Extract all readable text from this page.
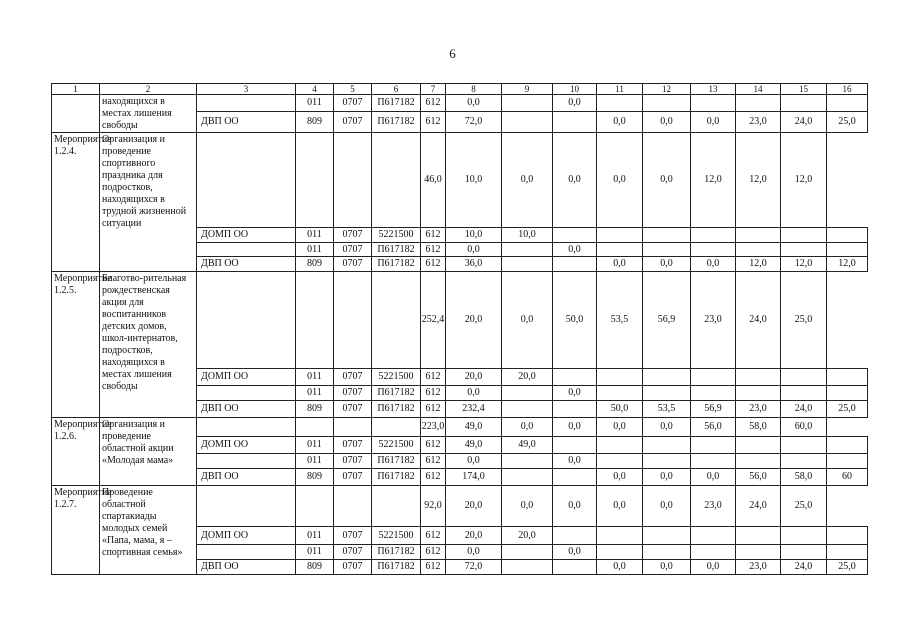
6
1	2	3	4	5	6	7	8	9	10	11	12	13	14	15	16
	находящихся в местах лишения свободы		011	0707	П617182	612	0,0		0,0						
		ДВП ОО	809	0707	П617182	612	72,0			0,0	0,0	0,0	23,0	24,0	25,0
Мероприятие 1.2.4.	Организация и проведение спортивного праздника для подростков, находящихся в трудной жизненной ситуации					46,0	10,0	0,0	0,0	0,0	0,0	12,0	12,0	12,0	
		ДОМП ОО	011	0707	5221500	612	10,0	10,0							
			011	0707	П617182	612	0,0		0,0						
		ДВП ОО	809	0707	П617182	612	36,0			0,0	0,0	0,0	12,0	12,0	12,0
Мероприятие 1.2.5.	Благотво-рительная рождественская акция для воспитанников детских домов, школ-интернатов, подростков, находящихся в местах лишения свободы					252,4	20,0	0,0	50,0	53,5	56,9	23,0	24,0	25,0	
		ДОМП ОО	011	0707	5221500	612	20,0	20,0							
			011	0707	П617182	612	0,0		0,0						
		ДВП ОО	809	0707	П617182	612	232,4			50,0	53,5	56,9	23,0	24,0	25,0
Мероприятие 1.2.6.	Организация и проведение областной акции «Молодая мама»					223,0	49,0	0,0	0,0	0,0	0,0	56,0	58,0	60,0	
		ДОМП ОО	011	0707	5221500	612	49,0	49,0							
			011	0707	П617182	612	0,0		0,0						
		ДВП ОО	809	0707	П617182	612	174,0			0,0	0,0	0,0	56,0	58,0	60
Мероприятие 1.2.7.	Проведение областной спартакиады молодых семей «Папа, мама, я – спортивная семья»					92,0	20,0	0,0	0,0	0,0	0,0	23,0	24,0	25,0	
		ДОМП ОО	011	0707	5221500	612	20,0	20,0							
			011	0707	П617182	612	0,0		0,0						
		ДВП ОО	809	0707	П617182	612	72,0			0,0	0,0	0,0	23,0	24,0	25,0
